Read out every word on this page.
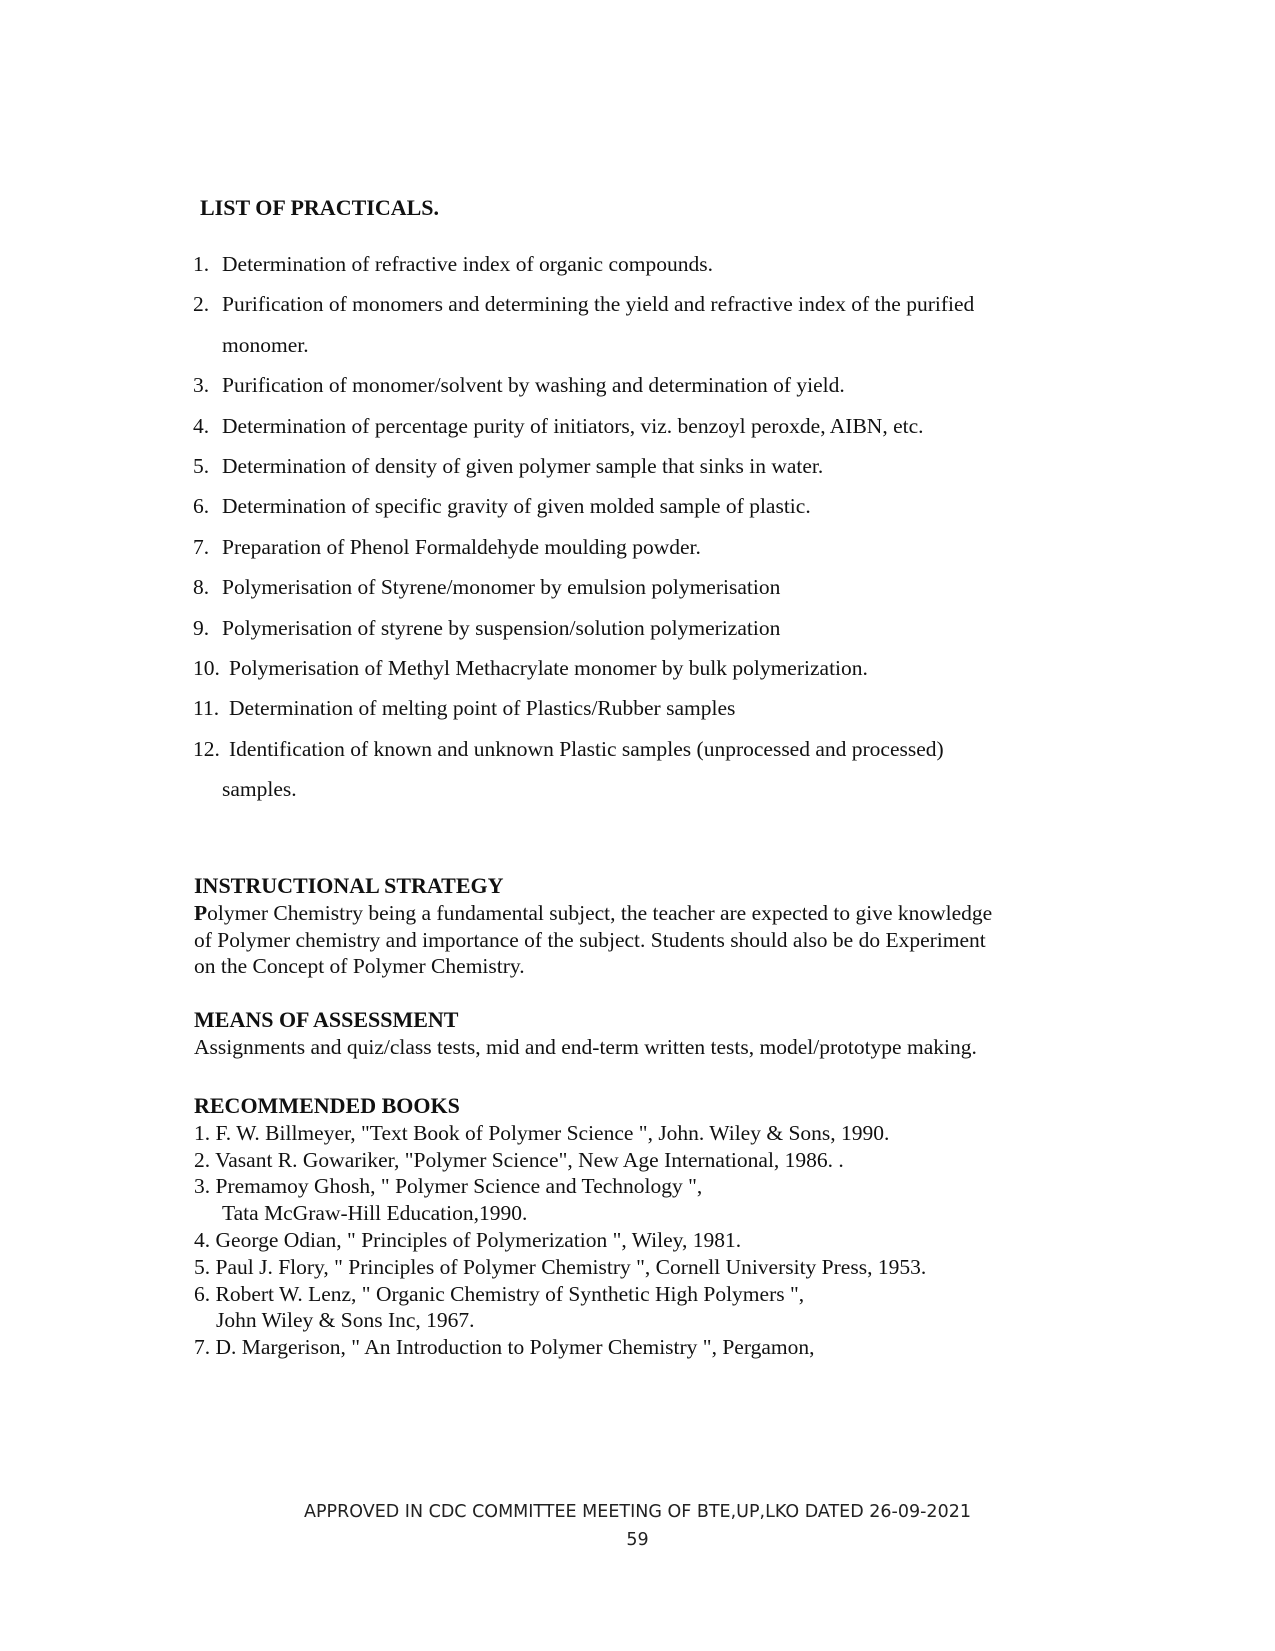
LIST OF PRACTICALS.
1. Determination of refractive index of organic compounds.
2. Purification of monomers and determining the yield and refractive index of the purified
monomer.
3. Purification of monomer/solvent by washing and determination of yield.
4. Determination of percentage purity of initiators, viz. benzoyl peroxde, AIBN, etc.
5. Determination of density of given polymer sample that sinks in water.
6. Determination of specific gravity of given molded sample of plastic.
7. Preparation of Phenol Formaldehyde moulding powder.
8. Polymerisation of Styrene/monomer by emulsion polymerisation
9. Polymerisation of styrene by suspension/solution polymerization
10. Polymerisation of Methyl Methacrylate monomer by bulk polymerization.
11. Determination of melting point of Plastics/Rubber samples
12. Identification of known and unknown Plastic samples (unprocessed and processed)
samples.

INSTRUCTIONAL STRATEGY

Polymer Chemistry being a fundamental subject, the teacher are expected to give knowledge

of Polymer chemistry and importance of the subject. Students should also be do Experiment

on the Concept of Polymer Chemistry.

MEANS OF ASSESSMENT

Assignments and quiz/class tests, mid and end-term written tests, model/prototype making.

RECOMMENDED BOOKS

1. F. W. Billmeyer, "Text Book of Polymer Science ", John. Wiley & Sons, 1990.
2. Vasant R. Gowariker, "Polymer Science", New Age International, 1986. .
3. Premamoy Ghosh, " Polymer Science and Technology ",
Tata McGraw-Hill Education,1990.
4. George Odian, " Principles of Polymerization ", Wiley, 1981.
5. Paul J. Flory, " Principles of Polymer Chemistry ", Cornell University Press, 1953.
6. Robert W. Lenz, " Organic Chemistry of Synthetic High Polymers ",
John Wiley & Sons Inc, 1967.
7. D. Margerison, " An Introduction to Polymer Chemistry ", Pergamon,
APPROVED IN CDC COMMITTEE MEETING OF BTE,UP,LKO DATED 26-09-2021
59
